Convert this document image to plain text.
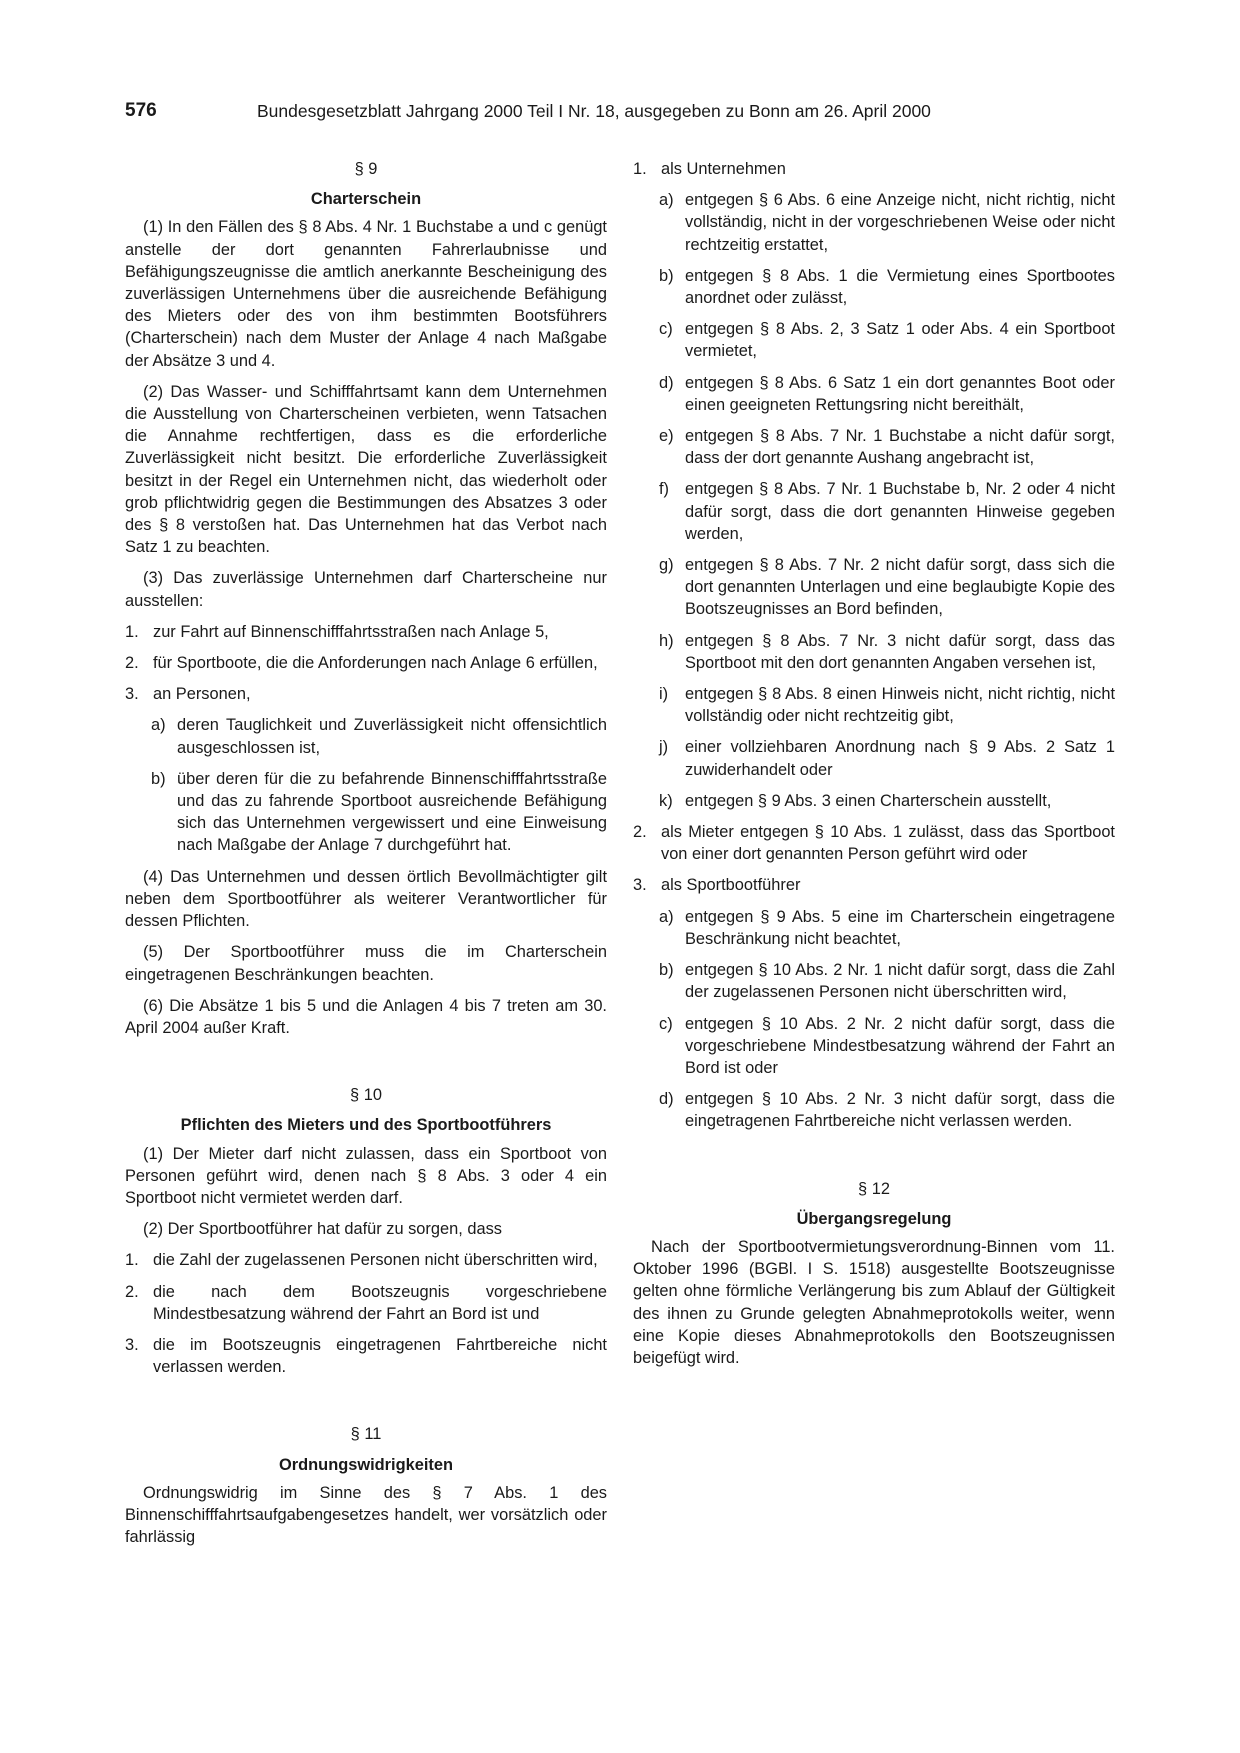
576	Bundesgesetzblatt Jahrgang 2000 Teil I Nr. 18, ausgegeben zu Bonn am 26. April 2000

§ 9

Charterschein

(1) In den Fällen des § 8 Abs. 4 Nr. 1 Buchstabe a und c genügt anstelle der dort genannten Fahrerlaubnisse und Befähigungszeugnisse die amtlich anerkannte Bescheinigung des zuverlässigen Unternehmens über die ausreichende Befähigung des Mieters oder des von ihm bestimmten Bootsführers (Charterschein) nach dem Muster der Anlage 4 nach Maßgabe der Absätze 3 und 4.

(2) Das Wasser- und Schifffahrtsamt kann dem Unternehmen die Ausstellung von Charterscheinen verbieten, wenn Tatsachen die Annahme rechtfertigen, dass es die erforderliche Zuverlässigkeit nicht besitzt. Die erforderliche Zuverlässigkeit besitzt in der Regel ein Unternehmen nicht, das wiederholt oder grob pflichtwidrig gegen die Bestimmungen des Absatzes 3 oder des § 8 verstoßen hat. Das Unternehmen hat das Verbot nach Satz 1 zu beachten.

(3) Das zuverlässige Unternehmen darf Charterscheine nur ausstellen:

1. zur Fahrt auf Binnenschifffahrtsstraßen nach Anlage 5,
2. für Sportboote, die die Anforderungen nach Anlage 6 erfüllen,
3. an Personen,
a) deren Tauglichkeit und Zuverlässigkeit nicht offensichtlich ausgeschlossen ist,
b) über deren für die zu befahrende Binnenschifffahrtsstraße und das zu fahrende Sportboot ausreichende Befähigung sich das Unternehmen vergewissert und eine Einweisung nach Maßgabe der Anlage 7 durchgeführt hat.

(4) Das Unternehmen und dessen örtlich Bevollmächtigter gilt neben dem Sportbootführer als weiterer Verantwortlicher für dessen Pflichten.

(5) Der Sportbootführer muss die im Charterschein eingetragenen Beschränkungen beachten.

(6) Die Absätze 1 bis 5 und die Anlagen 4 bis 7 treten am 30. April 2004 außer Kraft.

§ 10

Pflichten des Mieters und des Sportbootführers

(1) Der Mieter darf nicht zulassen, dass ein Sportboot von Personen geführt wird, denen nach § 8 Abs. 3 oder 4 ein Sportboot nicht vermietet werden darf.

(2) Der Sportbootführer hat dafür zu sorgen, dass

1. die Zahl der zugelassenen Personen nicht überschritten wird,
2. die nach dem Bootszeugnis vorgeschriebene Mindestbesatzung während der Fahrt an Bord ist und
3. die im Bootszeugnis eingetragenen Fahrtbereiche nicht verlassen werden.

§ 11

Ordnungswidrigkeiten

Ordnungswidrig im Sinne des § 7 Abs. 1 des Binnenschifffahrtsaufgabengesetzes handelt, wer vorsätzlich oder fahrlässig

1. als Unternehmen
a) entgegen § 6 Abs. 6 eine Anzeige nicht, nicht richtig, nicht vollständig, nicht in der vorgeschriebenen Weise oder nicht rechtzeitig erstattet,
b) entgegen § 8 Abs. 1 die Vermietung eines Sportbootes anordnet oder zulässt,
c) entgegen § 8 Abs. 2, 3 Satz 1 oder Abs. 4 ein Sportboot vermietet,
d) entgegen § 8 Abs. 6 Satz 1 ein dort genanntes Boot oder einen geeigneten Rettungsring nicht bereithält,
e) entgegen § 8 Abs. 7 Nr. 1 Buchstabe a nicht dafür sorgt, dass der dort genannte Aushang angebracht ist,
f) entgegen § 8 Abs. 7 Nr. 1 Buchstabe b, Nr. 2 oder 4 nicht dafür sorgt, dass die dort genannten Hinweise gegeben werden,
g) entgegen § 8 Abs. 7 Nr. 2 nicht dafür sorgt, dass sich die dort genannten Unterlagen und eine beglaubigte Kopie des Bootszeugnisses an Bord befinden,
h) entgegen § 8 Abs. 7 Nr. 3 nicht dafür sorgt, dass das Sportboot mit den dort genannten Angaben versehen ist,
i)	entgegen § 8 Abs. 8 einen Hinweis nicht, nicht richtig, nicht vollständig oder nicht rechtzeitig gibt,
j)	einer vollziehbaren Anordnung nach § 9 Abs. 2 Satz 1 zuwiderhandelt oder
k) entgegen § 9 Abs. 3 einen Charterschein ausstellt,
2. als Mieter entgegen § 10 Abs. 1 zulässt, dass das Sportboot von einer dort genannten Person geführt wird oder
3. als Sportbootführer
a) entgegen § 9 Abs. 5 eine im Charterschein eingetragene Beschränkung nicht beachtet,
b) entgegen § 10 Abs. 2 Nr. 1 nicht dafür sorgt, dass die Zahl der zugelassenen Personen nicht überschritten wird,
c) entgegen § 10 Abs. 2 Nr. 2 nicht dafür sorgt, dass die vorgeschriebene Mindestbesatzung während der Fahrt an Bord ist oder
d) entgegen § 10 Abs. 2 Nr. 3 nicht dafür sorgt, dass die eingetragenen Fahrtbereiche nicht verlassen werden.

§ 12

Übergangsregelung

Nach der Sportbootvermietungsverordnung-Binnen vom 11. Oktober 1996 (BGBl. I S. 1518) ausgestellte Bootszeugnisse gelten ohne förmliche Verlängerung bis zum Ablauf der Gültigkeit des ihnen zu Grunde gelegten Abnahmeprotokolls weiter, wenn eine Kopie dieses Abnahmeprotokolls den Bootszeugnissen beigefügt wird.
